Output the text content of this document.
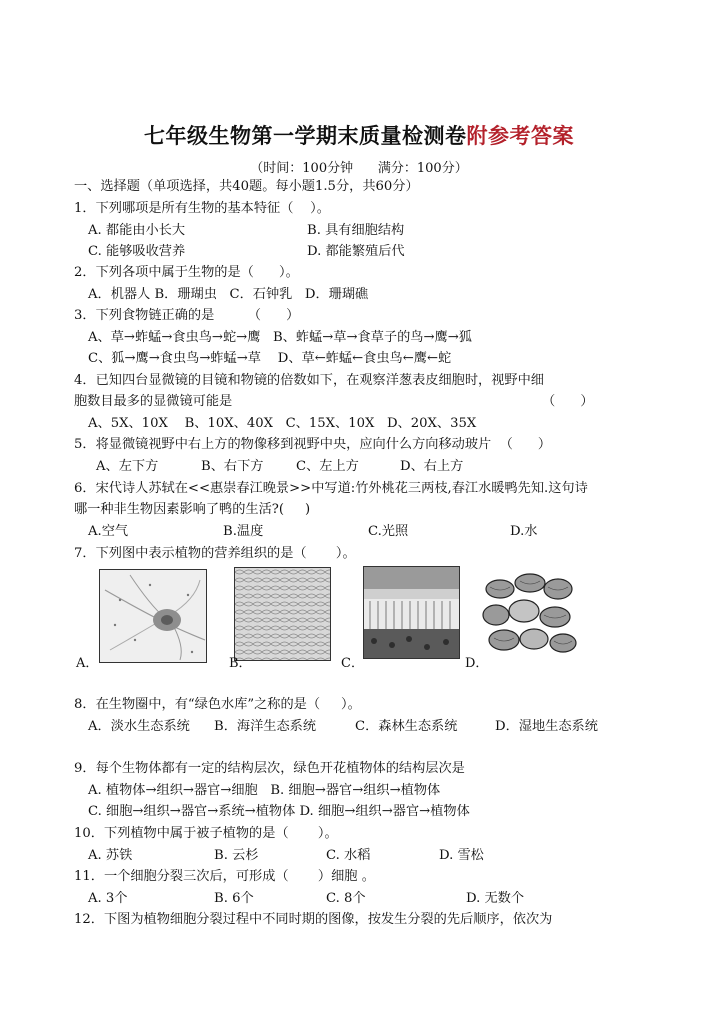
七年级生物第一学期末质量检测卷附参考答案
（时间：100分钟      满分：100分）
一、选择题（单项选择，共40题。每小题1.5分，共60分）
1．下列哪项是所有生物的基本特征（    ）。
A. 都能由小长大	B. 具有细胞结构
C. 能够吸收营养	D. 都能繁殖后代
2．下列各项中属于生物的是（      ）。
A．机器人 B．珊瑚虫   C．石钟乳   D．珊瑚礁
3．下列食物链正确的是        （      ）
A、草→蚱蜢→食虫鸟→蛇→鹰   B、蚱蜢→草→食草子的鸟→鹰→狐
C、狐→鹰→食虫鸟→蚱蜢→草    D、草←蚱蜢←食虫鸟←鹰←蛇
4．已知四台显微镜的目镜和物镜的倍数如下，在观察洋葱表皮细胞时，视野中细
胞数目最多的显微镜可能是	（      ）
A、5X、10X    B、10X、40X   C、15X、10X   D、20X、35X
5．将显微镜视野中右上方的物像移到视野中央，应向什么方向移动玻片  （      ）
A、左下方	B、右下方 C、左上方	D、右上方
6．宋代诗人苏轼在<<惠崇春江晚景>>中写道:竹外桃花三两枝,春江水暖鸭先知.这句诗
哪一种非生物因素影响了鸭的生活?(     )
A.空气	B.温度	C.光照	D.水
7．下列图中表示植物的营养组织的是（       ）。
A．	B．	C．	D．
8．在生物圈中，有“绿色水库”之称的是（     ）。
A．淡水生态系统 B．海洋生态系统	C．森林生态系统	D．湿地生态系统
9．每个生物体都有一定的结构层次，绿色开花植物体的结构层次是
A. 植物体→组织→器官→细胞   B. 细胞→器官→组织→植物体
C. 细胞→组织→器官→系统→植物体 D. 细胞→组织→器官→植物体
10．下列植物中属于被子植物的是（       ）。
A. 苏铁	B. 云杉	C. 水稻	D. 雪松
11．一个细胞分裂三次后，可形成（       ）细胞 。
A. 3个	B. 6个	C. 8个	D. 无数个
12．下图为植物细胞分裂过程中不同时期的图像，按发生分裂的先后顺序，依次为
